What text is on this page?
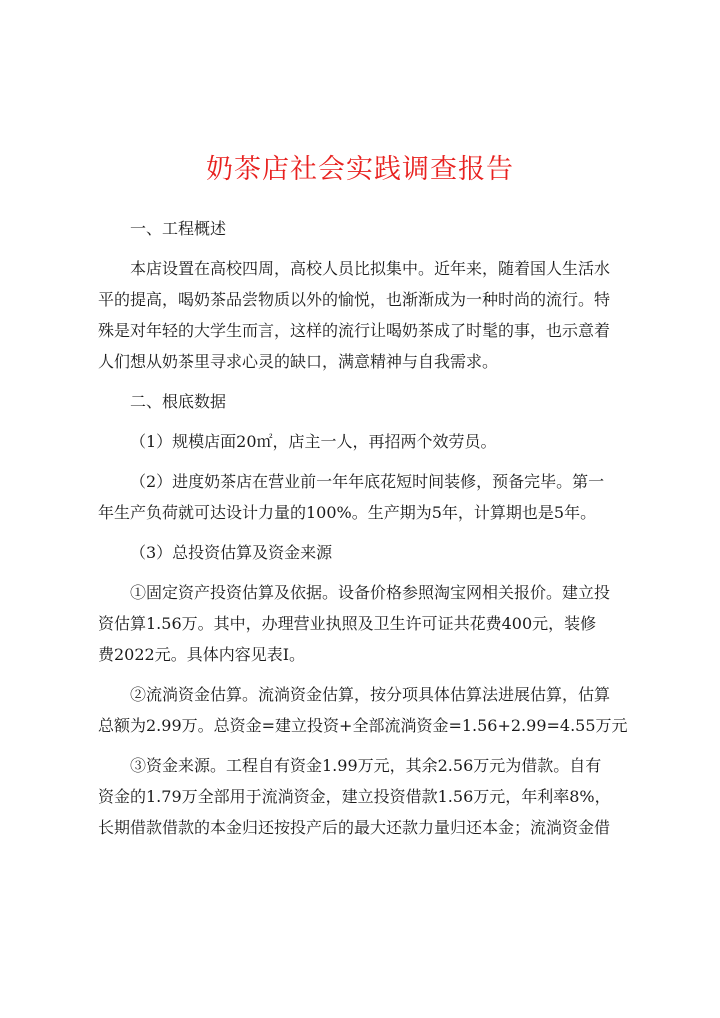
奶茶店社会实践调查报告
一、工程概述
本店设置在高校四周，高校人员比拟集中。近年来，随着国人生活水
平的提高，喝奶茶品尝物质以外的愉悦，也渐渐成为一种时尚的流行。特
殊是对年轻的大学生而言，这样的流行让喝奶茶成了时髦的事，也示意着
人们想从奶茶里寻求心灵的缺口，满意精神与自我需求。
二、根底数据
（1）规模店面20㎡，店主一人，再招两个效劳员。
（2）进度奶茶店在营业前一年年底花短时间装修，预备完毕。第一
年生产负荷就可达设计力量的100%。生产期为5年，计算期也是5年。
（3）总投资估算及资金来源
①固定资产投资估算及依据。设备价格参照淘宝网相关报价。建立投
资估算1.56万。其中，办理营业执照及卫生许可证共花费400元，装修
费2022元。具体内容见表I。
②流淌资金估算。流淌资金估算，按分项具体估算法进展估算，估算
总额为2.99万。总资金=建立投资+全部流淌资金=1.56+2.99=4.55万元
③资金来源。工程自有资金1.99万元，其余2.56万元为借款。自有
资金的1.79万全部用于流淌资金，建立投资借款1.56万元，年利率8%，
长期借款借款的本金归还按投产后的最大还款力量归还本金；流淌资金借
